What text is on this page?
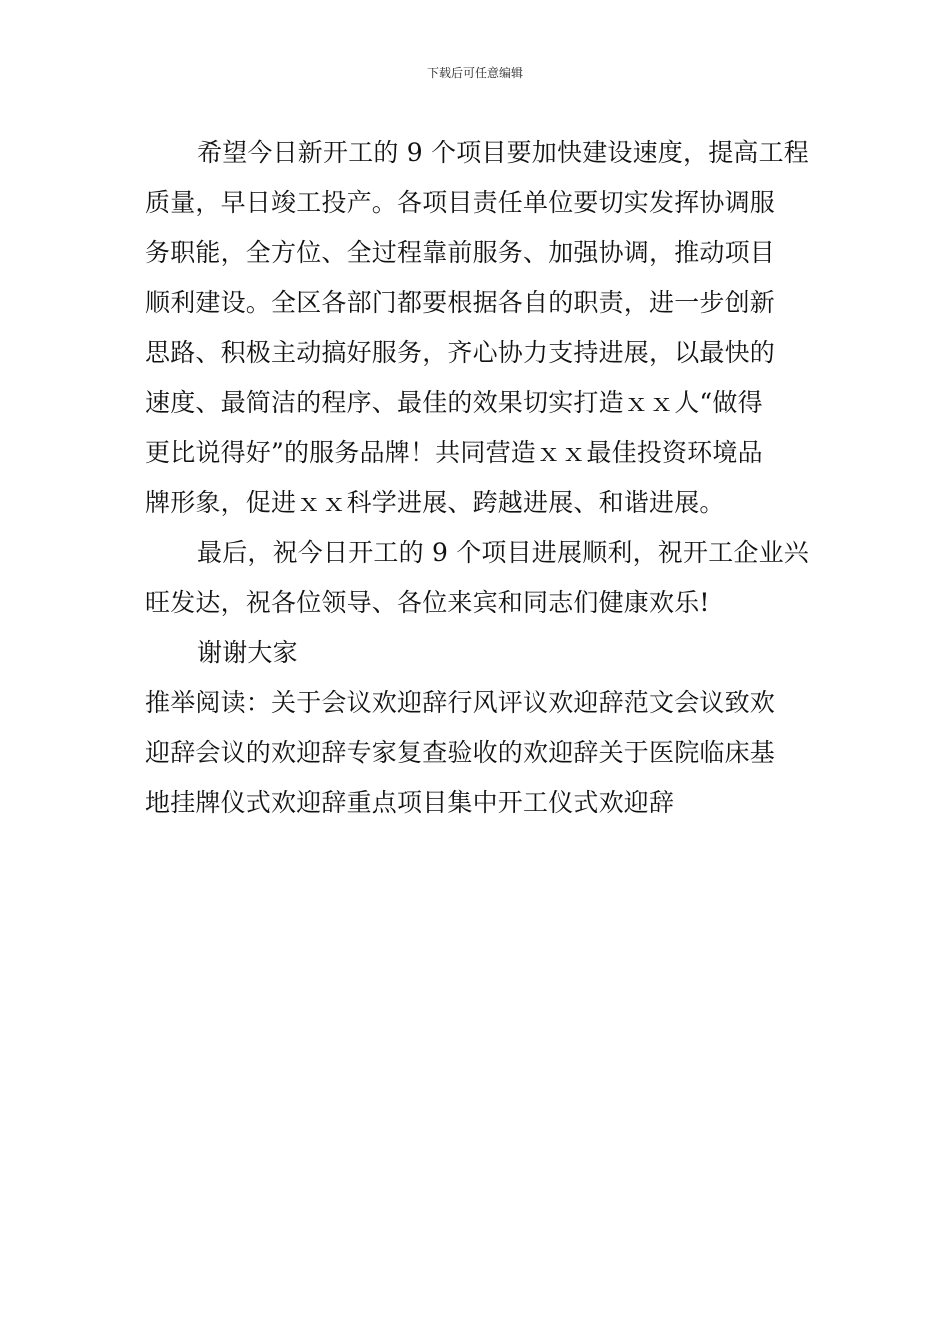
下载后可任意编辑
希望今日新开工的 9 个项目要加快建设速度，提高工程
质量，早日竣工投产。各项目责任单位要切实发挥协调服
务职能，全方位、全过程靠前服务、加强协调，推动项目
顺利建设。全区各部门都要根据各自的职责，进一步创新
思路、积极主动搞好服务，齐心协力支持进展，以最快的
速度、最简洁的程序、最佳的效果切实打造ｘｘ人“做得
更比说得好”的服务品牌！共同营造ｘｘ最佳投资环境品
牌形象，促进ｘｘ科学进展、跨越进展、和谐进展。
最后，祝今日开工的 9 个项目进展顺利，祝开工企业兴
旺发达，祝各位领导、各位来宾和同志们健康欢乐!
谢谢大家
推举阅读：关于会议欢迎辞行风评议欢迎辞范文会议致欢
迎辞会议的欢迎辞专家复查验收的欢迎辞关于医院临床基
地挂牌仪式欢迎辞重点项目集中开工仪式欢迎辞
